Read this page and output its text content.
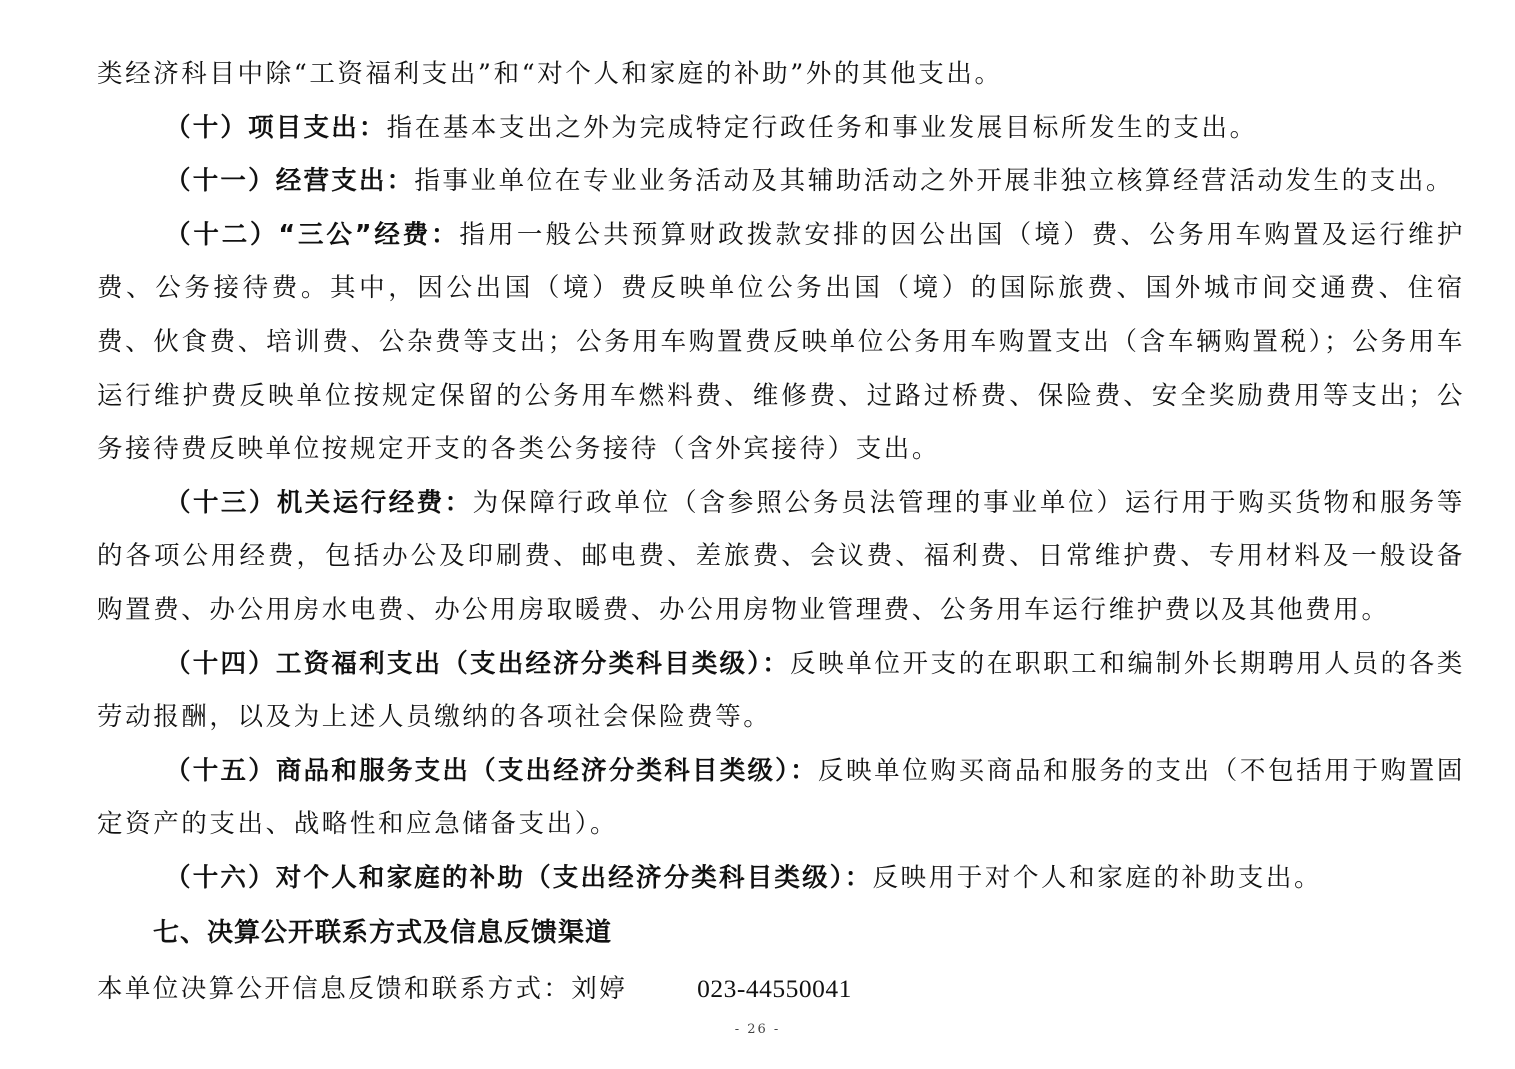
类经济科目中除“工资福利支出”和“对个人和家庭的补助”外的其他支出。

（十）项目支出：指在基本支出之外为完成特定行政任务和事业发展目标所发生的支出。

（十一）经营支出：指事业单位在专业业务活动及其辅助活动之外开展非独立核算经营活动发生的支出。

（十二）“三公”经费：指用一般公共预算财政拨款安排的因公出国（境）费、公务用车购置及运行维护费、公务接待费。其中，因公出国（境）费反映单位公务出国（境）的国际旅费、国外城市间交通费、住宿费、伙食费、培训费、公杂费等支出；公务用车购置费反映单位公务用车购置支出（含车辆购置税）；公务用车运行维护费反映单位按规定保留的公务用车燃料费、维修费、过路过桥费、保险费、安全奖励费用等支出；公务接待费反映单位按规定开支的各类公务接待（含外宾接待）支出。

（十三）机关运行经费：为保障行政单位（含参照公务员法管理的事业单位）运行用于购买货物和服务等的各项公用经费，包括办公及印刷费、邮电费、差旅费、会议费、福利费、日常维护费、专用材料及一般设备购置费、办公用房水电费、办公用房取暖费、办公用房物业管理费、公务用车运行维护费以及其他费用。

（十四）工资福利支出（支出经济分类科目类级）：反映单位开支的在职职工和编制外长期聘用人员的各类劳动报酬，以及为上述人员缴纳的各项社会保险费等。

（十五）商品和服务支出（支出经济分类科目类级）：反映单位购买商品和服务的支出（不包括用于购置固定资产的支出、战略性和应急储备支出）。

（十六）对个人和家庭的补助（支出经济分类科目类级）：反映用于对个人和家庭的补助支出。

七、决算公开联系方式及信息反馈渠道

本单位决算公开信息反馈和联系方式：刘婷	023-44550041

- 26 -
